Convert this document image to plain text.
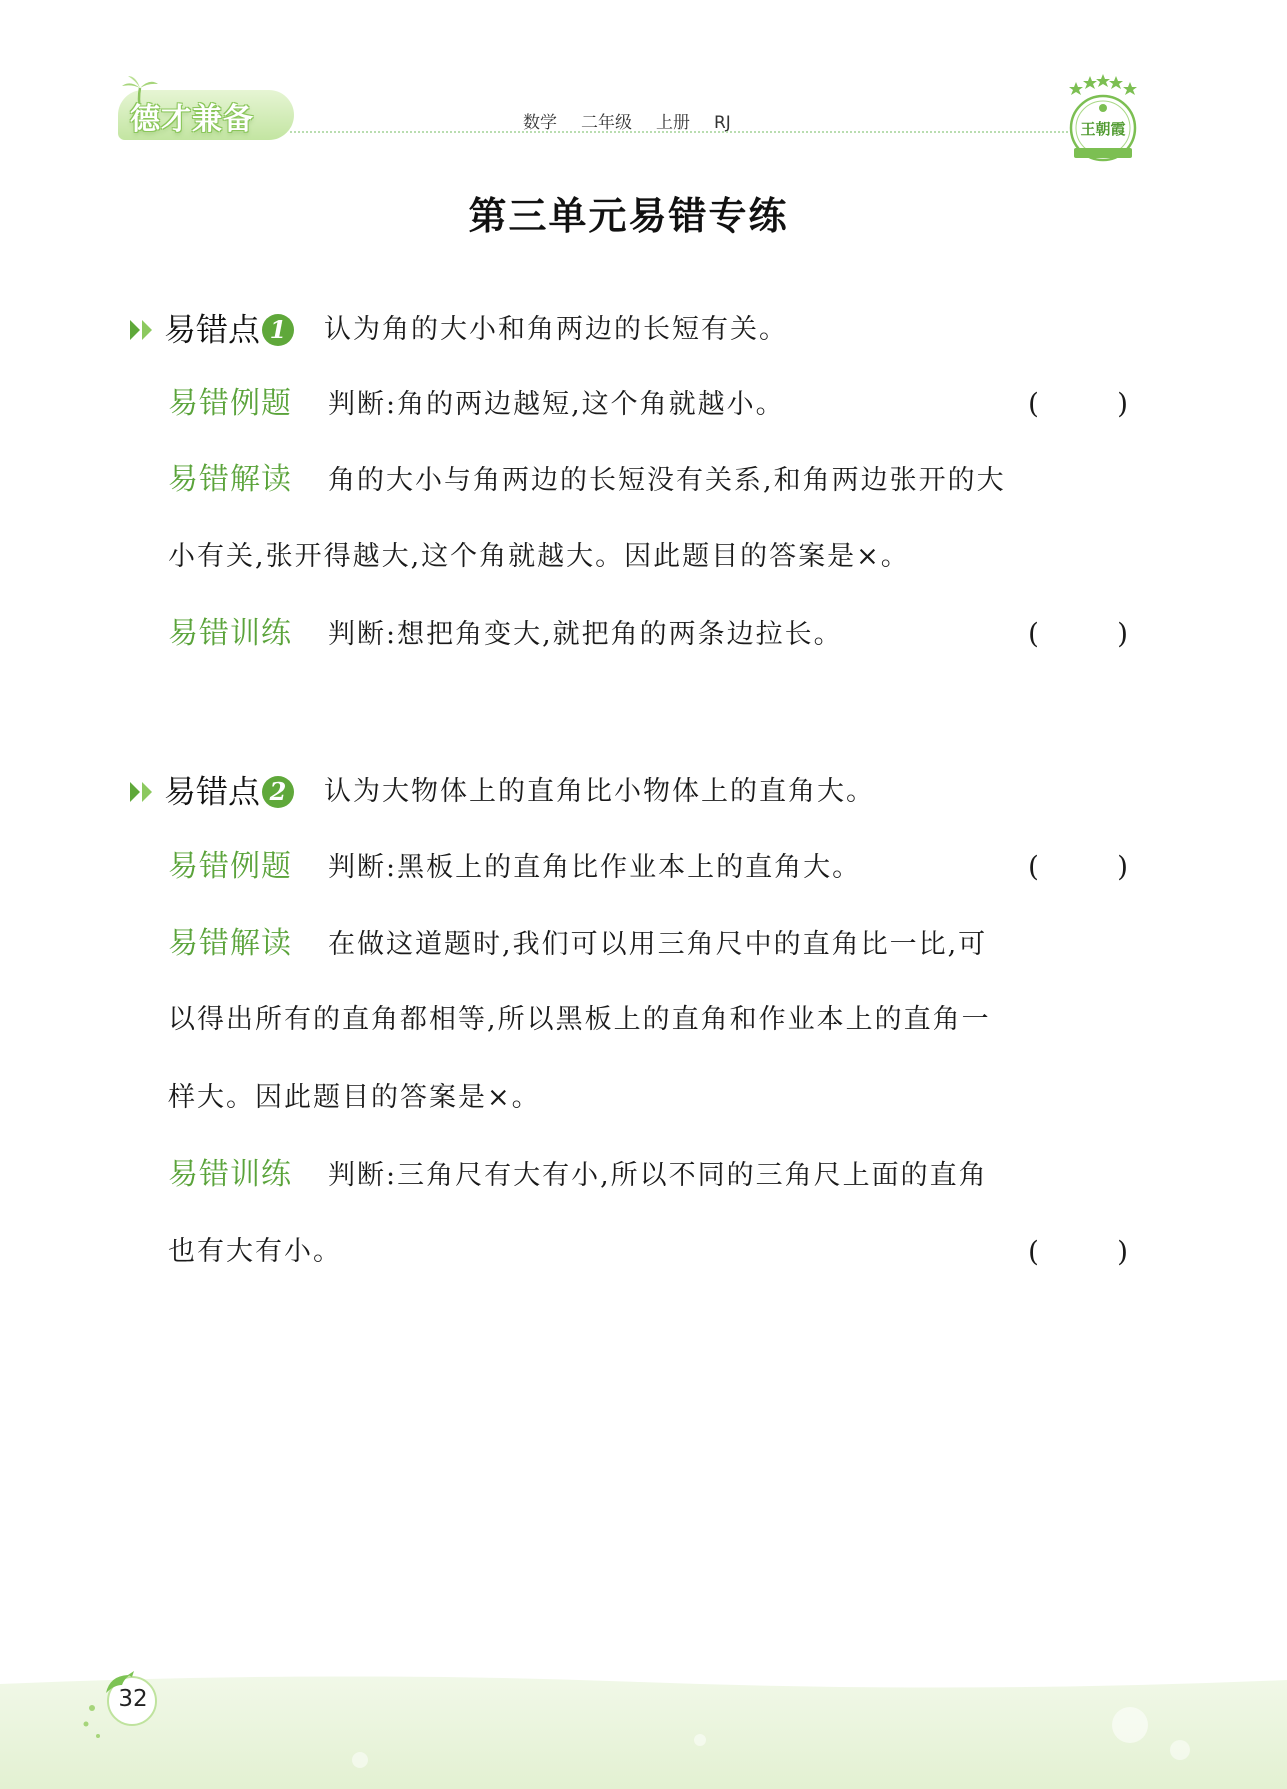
德才兼备	数学 二年级 上册 RJ	王朝霞
第三单元易错专练
易错点 1 认为角的大小和角两边的长短有关。
易错例题 判断:角的两边越短,这个角就越小。	(	)
易错解读 角的大小与角两边的长短没有关系,和角两边张开的大
小有关,张开得越大,这个角就越大。因此题目的答案是×。
易错训练 判断:想把角变大,就把角的两条边拉长。	(	)
易错点 2 认为大物体上的直角比小物体上的直角大。
易错例题 判断:黑板上的直角比作业本上的直角大。	(	)
易错解读 在做这道题时,我们可以用三角尺中的直角比一比,可
以得出所有的直角都相等,所以黑板上的直角和作业本上的直角一
样大。因此题目的答案是×。
易错训练 判断:三角尺有大有小,所以不同的三角尺上面的直角
也有大有小。	(	)
32
